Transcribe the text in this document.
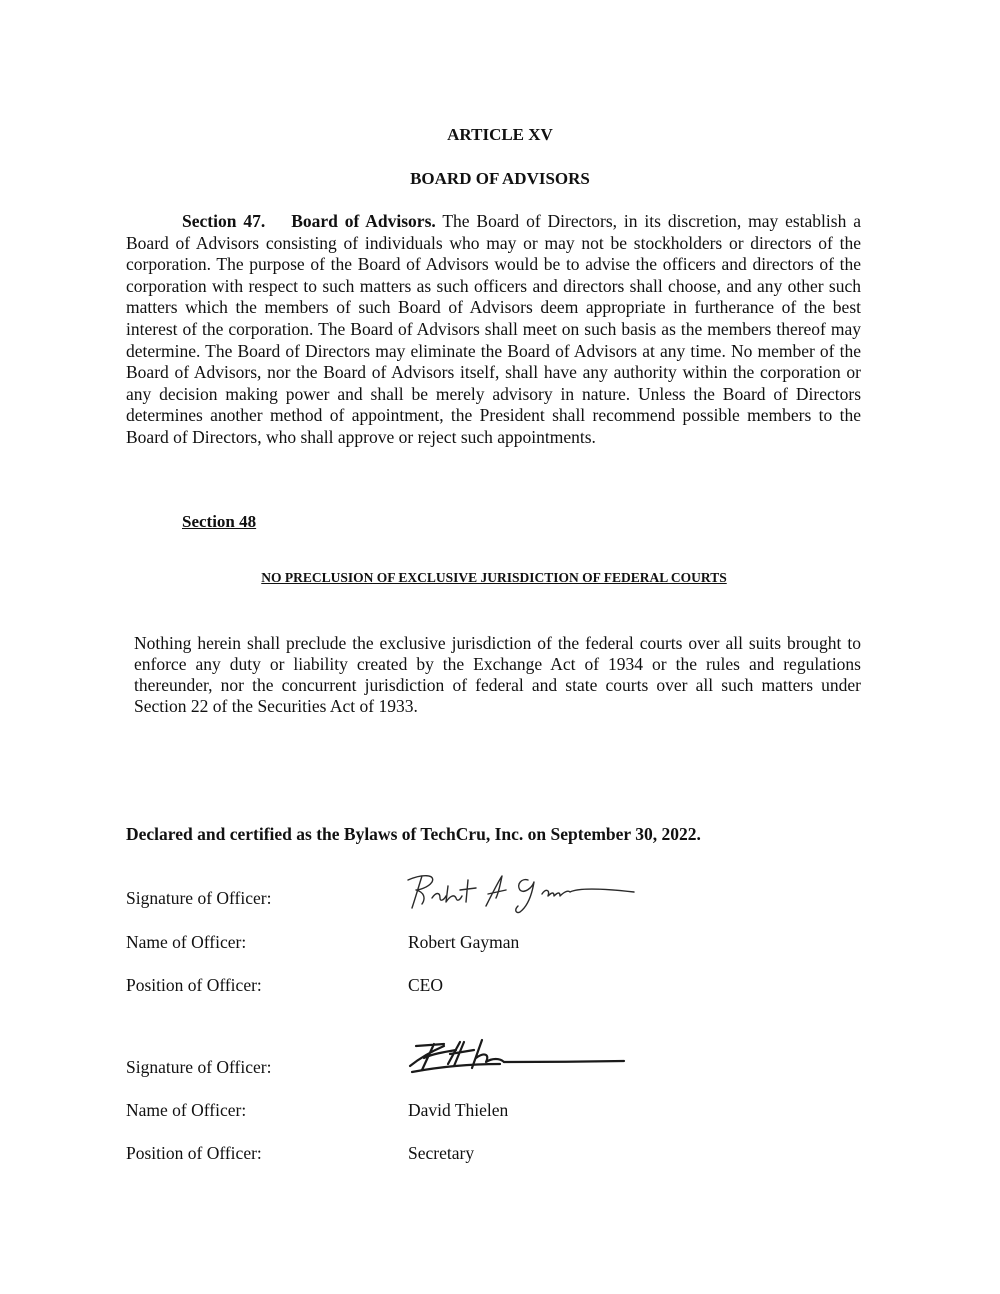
ARTICLE XV
BOARD OF ADVISORS
Section 47. Board of Advisors. The Board of Directors, in its discretion, may establish a Board of Advisors consisting of individuals who may or may not be stockholders or directors of the corporation. The purpose of the Board of Advisors would be to advise the officers and directors of the corporation with respect to such matters as such officers and directors shall choose, and any other such matters which the members of such Board of Advisors deem appropriate in furtherance of the best interest of the corporation. The Board of Advisors shall meet on such basis as the members thereof may determine. The Board of Directors may eliminate the Board of Advisors at any time. No member of the Board of Advisors, nor the Board of Advisors itself, shall have any authority within the corporation or any decision making power and shall be merely advisory in nature. Unless the Board of Directors determines another method of appointment, the President shall recommend possible members to the Board of Directors, who shall approve or reject such appointments.
Section 48
NO PRECLUSION OF EXCLUSIVE JURISDICTION OF FEDERAL COURTS
Nothing herein shall preclude the exclusive jurisdiction of the federal courts over all suits brought to enforce any duty or liability created by the Exchange Act of 1934 or the rules and regulations thereunder, nor the concurrent jurisdiction of federal and state courts over all such matters under Section 22 of the Securities Act of 1933.
Declared and certified as the Bylaws of TechCru, Inc. on September 30, 2022.
Signature of Officer:
Name of Officer:	Robert Gayman
Position of Officer:	CEO
Signature of Officer:
Name of Officer:	David Thielen
Position of Officer:	Secretary
